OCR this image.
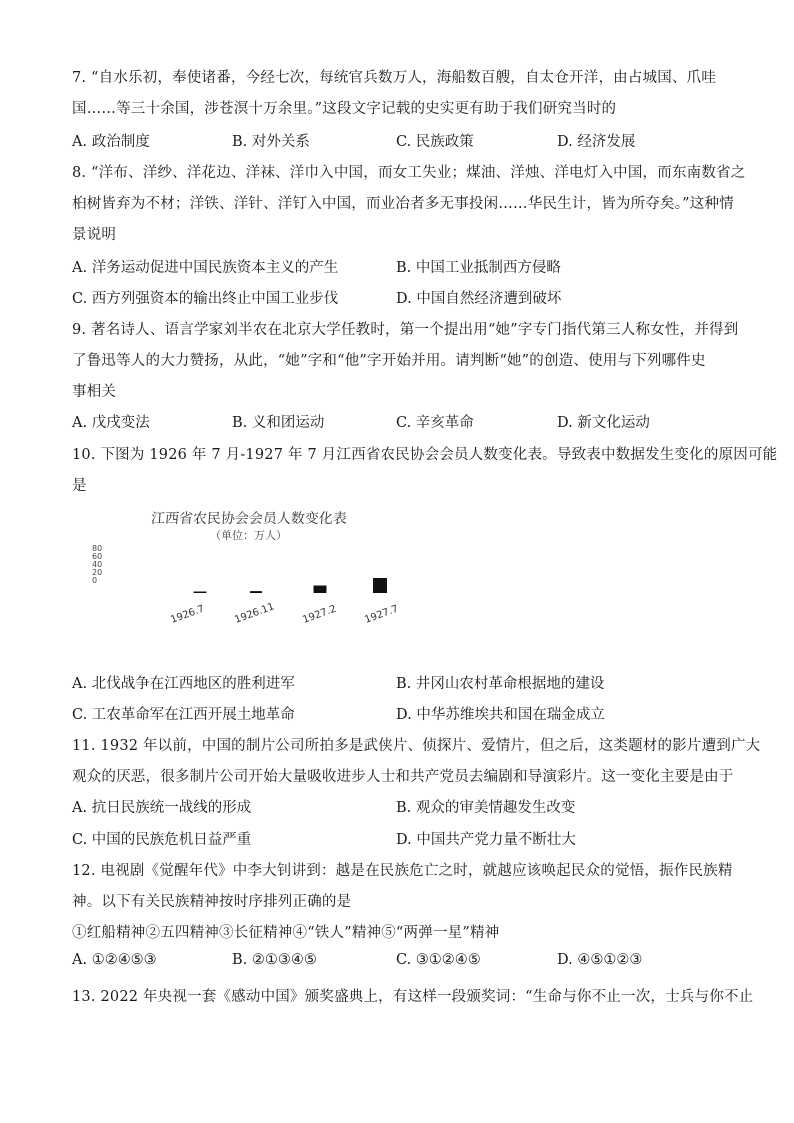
7. “自水乐初，奉使诸番，今经七次，每统官兵数万人，海船数百艘，自太仓开洋，由占城国、爪哇
国……等三十余国，涉苍溟十万余里。”这段文字记载的史实更有助于我们研究当时的
A. 政治制度	B. 对外关系	C. 民族政策	D. 经济发展
8. “洋布、洋纱、洋花边、洋袜、洋巾入中国，而女工失业；煤油、洋烛、洋电灯入中国，而东南数省之
桕树皆弃为不材；洋铁、洋针、洋钉入中国，而业冶者多无事投闲……华民生计，皆为所夺矣。”这种情
景说明
A. 洋务运动促进中国民族资本主义的产生	B. 中国工业抵制西方侵略
C. 西方列强资本的输出终止中国工业步伐	D. 中国自然经济遭到破坏
9. 著名诗人、语言学家刘半农在北京大学任教时，第一个提出用“她”字专门指代第三人称女性，并得到
了鲁迅等人的大力赞扬，从此，“她”字和“他”字开始并用。请判断“她”的创造、使用与下列哪件史
事相关
A. 戊戌变法	B. 义和团运动	C. 辛亥革命	D. 新文化运动
10. 下图为 1926 年 7 月-1927 年 7 月江西省农民协会会员人数变化表。导致表中数据发生变化的原因可能
是
江西省农民协会会员人数变化表
（单位：万人）
80
60
40
20
0
1926.7	1926.11	1927.2	1927.7
A. 北伐战争在江西地区的胜利进军	B. 井冈山农村革命根据地的建设
C. 工农革命军在江西开展土地革命	D. 中华苏维埃共和国在瑞金成立
11. 1932 年以前，中国的制片公司所拍多是武侠片、侦探片、爱情片，但之后，这类题材的影片遭到广大
观众的厌恶，很多制片公司开始大量吸收进步人士和共产党员去编剧和导演彩片。这一变化主要是由于
A. 抗日民族统一战线的形成	B. 观众的审美情趣发生改变
C. 中国的民族危机日益严重	D. 中国共产党力量不断壮大
12. 电视剧《觉醒年代》中李大钊讲到：越是在民族危亡之时，就越应该唤起民众的觉悟，振作民族精
神。以下有关民族精神按时序排列正确的是
①红船精神②五四精神③长征精神④“铁人”精神⑤“两弹一星”精神
A. ①②④⑤③	B. ②①③④⑤	C. ③①②④⑤	D. ④⑤①②③
13. 2022 年央视一套《感动中国》颁奖盛典上，有这样一段颁奖词：“生命与你不止一次，士兵与你不止
